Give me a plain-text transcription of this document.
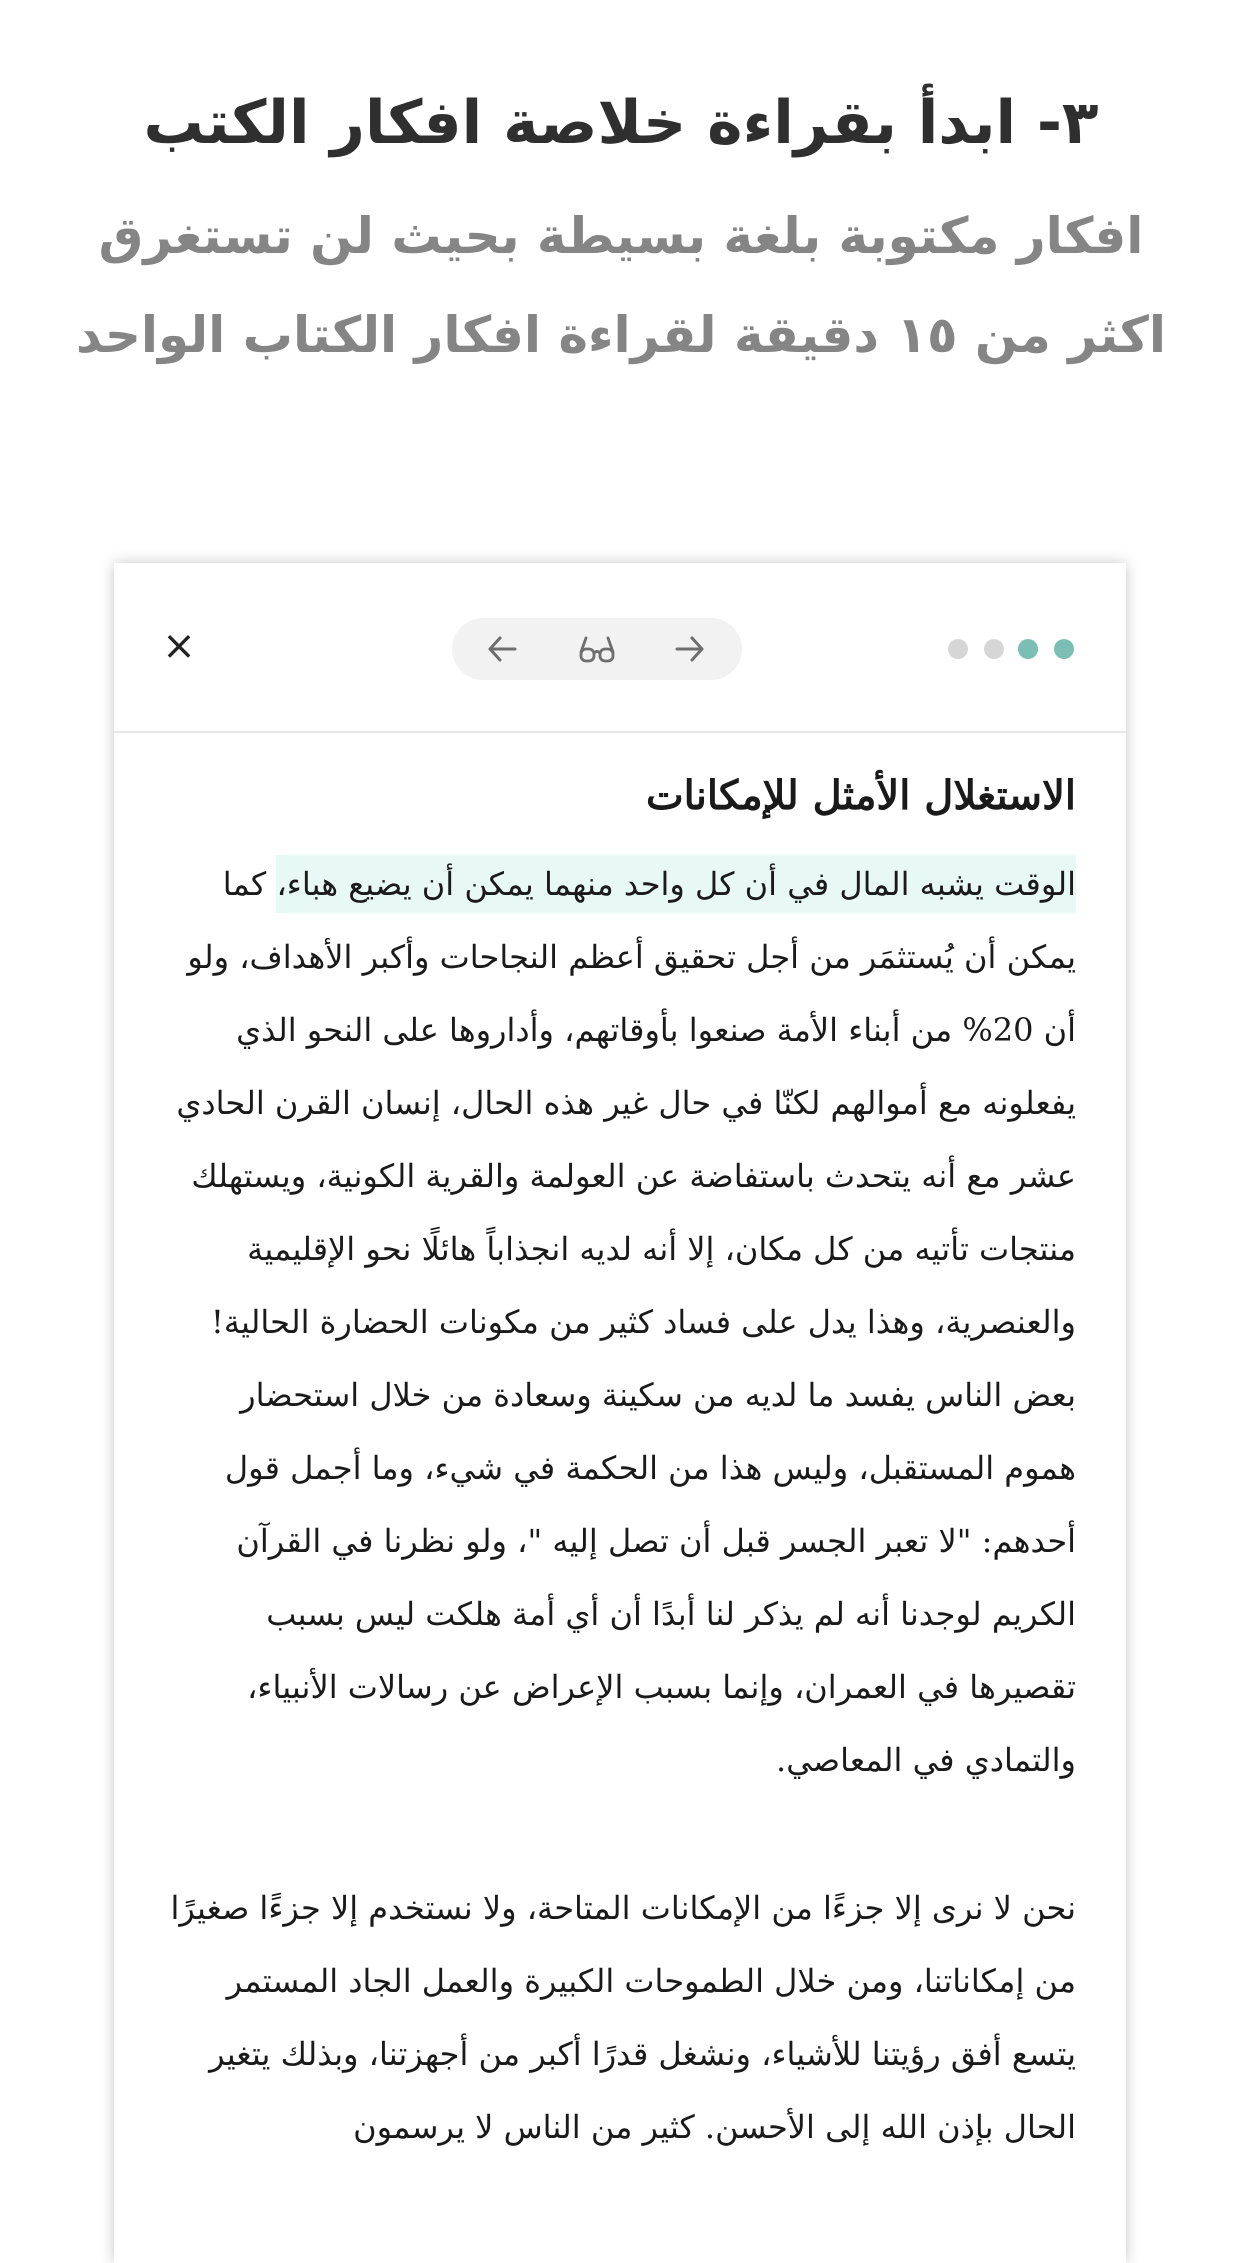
٣- ابدأ بقراءة خلاصة افكار الكتب

افكار مكتوبة بلغة بسيطة بحيث لن تستغرق

اكثر من ١٥ دقيقة لقراءة افكار الكتاب الواحد

×
الاستغلال الأمثل للإمكانات

الوقت يشبه المال في أن كل واحد منهما يمكن أن يضيع هباء، كما يمكن أن يُستثمَر من أجل تحقيق أعظم النجاحات وأكبر الأهداف، ولو أن 20% من أبناء الأمة صنعوا بأوقاتهم، وأداروها على النحو الذي يفعلونه مع أموالهم لكنّا في حال غير هذه الحال، إنسان القرن الحادي عشر مع أنه يتحدث باستفاضة عن العولمة والقرية الكونية، ويستهلك منتجات تأتيه من كل مكان، إلا أنه لديه انجذاباً هائلًا نحو الإقليمية والعنصرية، وهذا يدل على فساد كثير من مكونات الحضارة الحالية! بعض الناس يفسد ما لديه من سكينة وسعادة من خلال استحضار هموم المستقبل، وليس هذا من الحكمة في شيء، وما أجمل قول أحدهم: "لا تعبر الجسر قبل أن تصل إليه "، ولو نظرنا في القرآن الكريم لوجدنا أنه لم يذكر لنا أبدًا أن أي أمة هلكت ليس بسبب تقصيرها في العمران، وإنما بسبب الإعراض عن رسالات الأنبياء، والتمادي في المعاصي.

نحن لا نرى إلا جزءًا من الإمكانات المتاحة، ولا نستخدم إلا جزءًا صغيرًا من إمكاناتنا، ومن خلال الطموحات الكبيرة والعمل الجاد المستمر يتسع أفق رؤيتنا للأشياء، ونشغل قدرًا أكبر من أجهزتنا، وبذلك يتغير الحال بإذن الله إلى الأحسن. كثير من الناس لا يرسمون
